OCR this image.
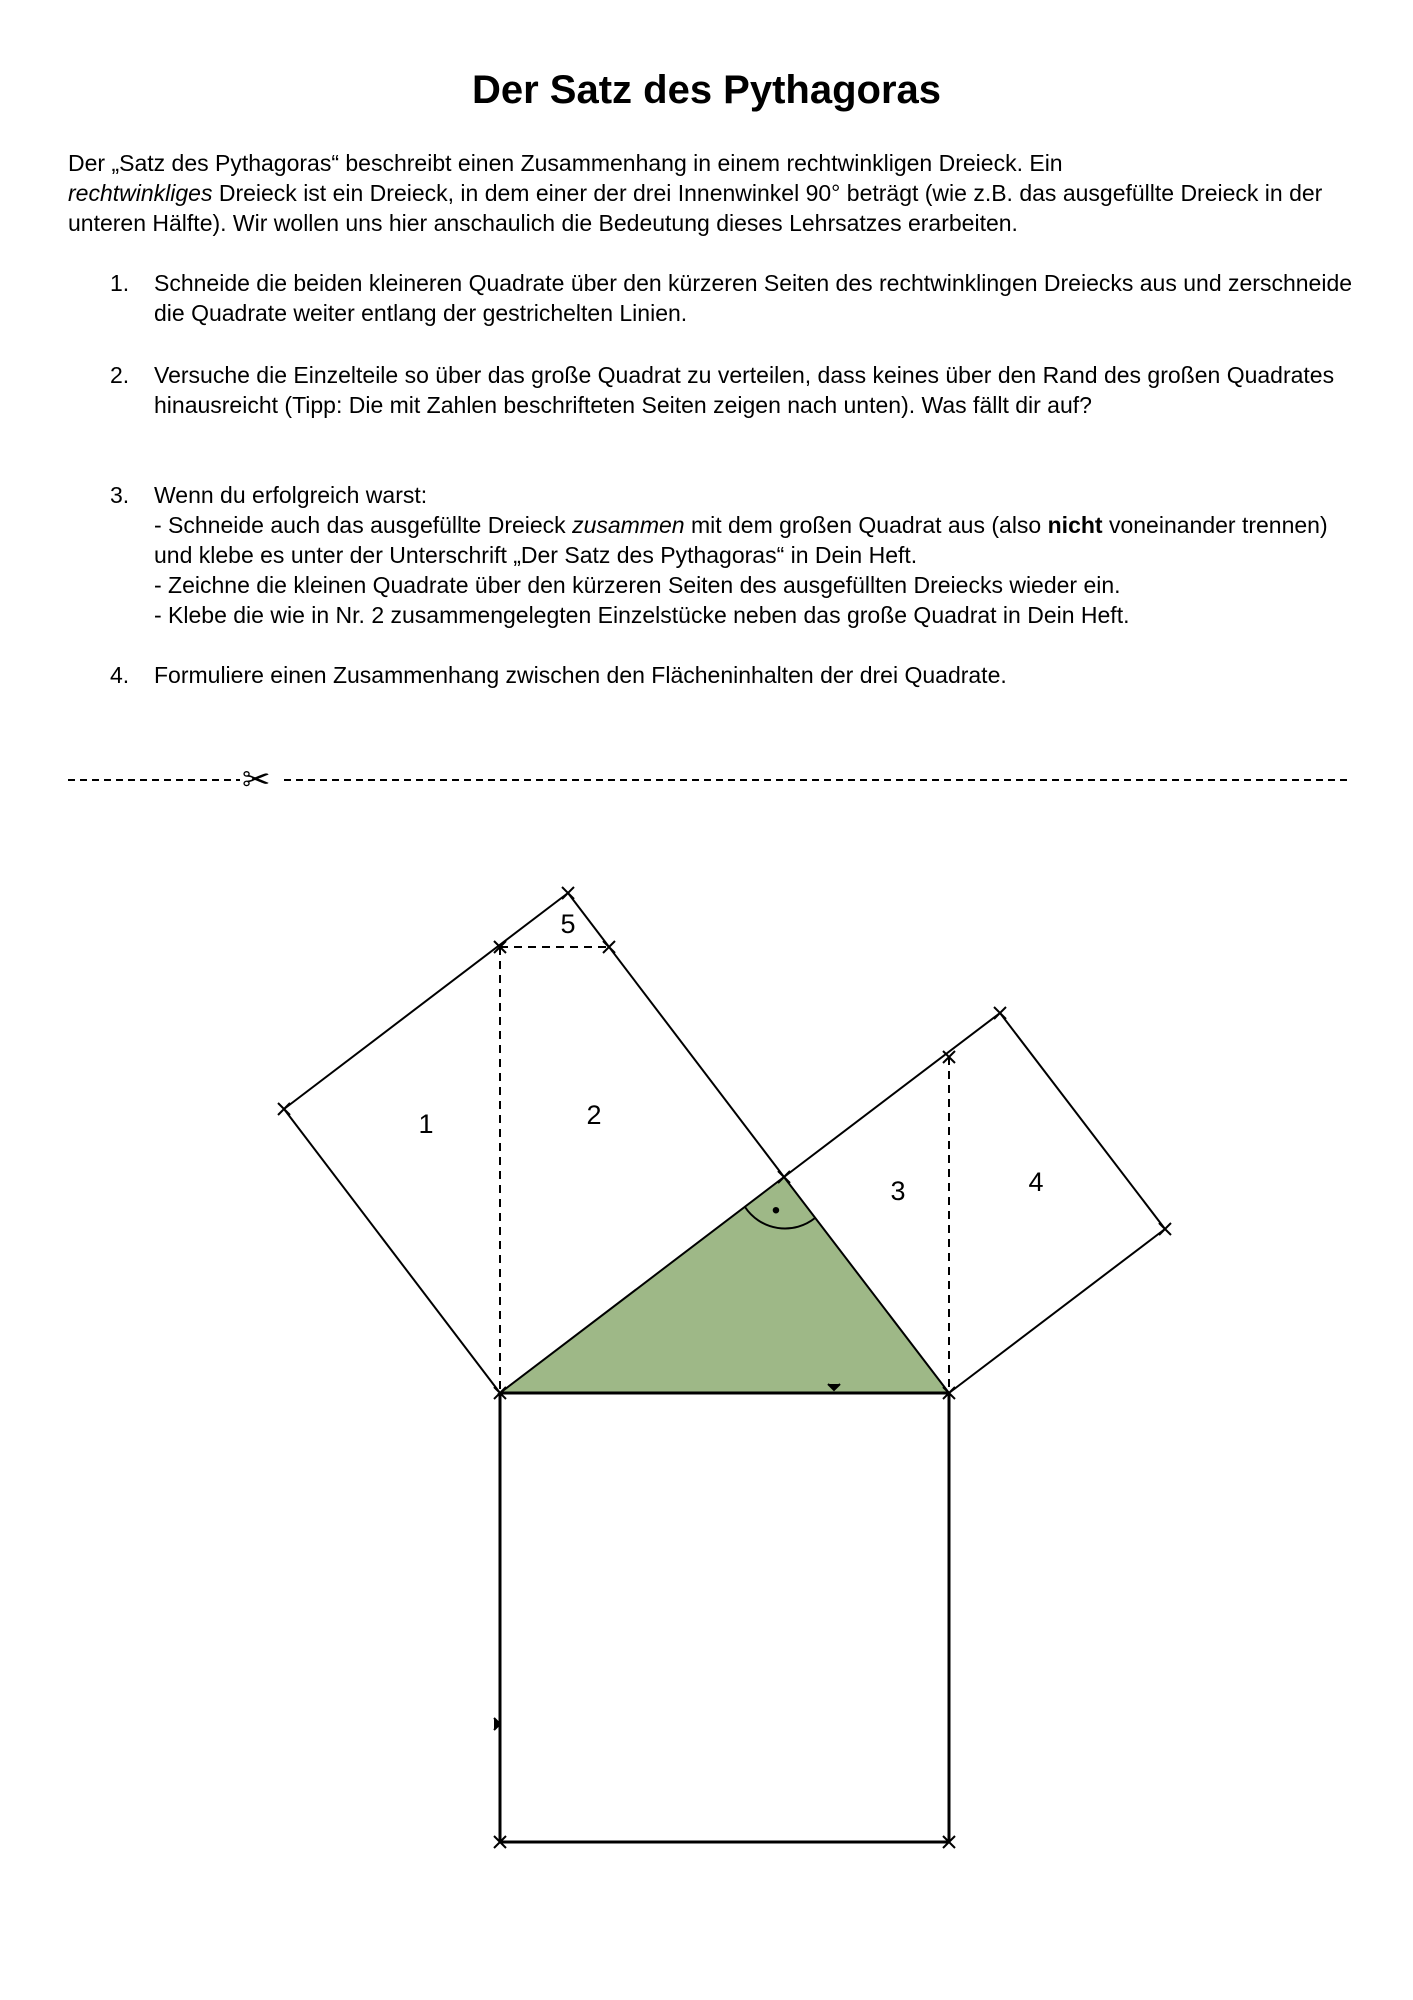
Der Satz des Pythagoras

Der „Satz des Pythagoras“ beschreibt einen Zusammenhang in einem rechtwinkligen Dreieck. Ein
rechtwinkliges Dreieck ist ein Dreieck, in dem einer der drei Innenwinkel 90° beträgt (wie z.B. das ausgefüllte Dreieck in der unteren Hälfte). Wir wollen uns hier anschaulich die Bedeutung dieses Lehrsatzes erarbeiten.

1. Schneide die beiden kleineren Quadrate über den kürzeren Seiten des rechtwinklingen Dreiecks aus und zerschneide die Quadrate weiter entlang der gestrichelten Linien.
2. Versuche die Einzelteile so über das große Quadrat zu verteilen, dass keines über den Rand des großen Quadrates hinausreicht (Tipp: Die mit Zahlen beschrifteten Seiten zeigen nach unten). Was fällt dir auf?
3. Wenn du erfolgreich warst:
- Schneide auch das ausgefüllte Dreieck zusammen mit dem großen Quadrat aus (also nicht voneinander trennen) und klebe es unter der Unterschrift „Der Satz des Pythagoras“ in Dein Heft.
- Zeichne die kleinen Quadrate über den kürzeren Seiten des ausgefüllten Dreiecks wieder ein.
- Klebe die wie in Nr. 2 zusammengelegten Einzelstücke neben das große Quadrat in Dein Heft.
4. Formuliere einen Zusammenhang zwischen den Flächeninhalten der drei Quadrate.
✂
•
1	2
3	4
5
